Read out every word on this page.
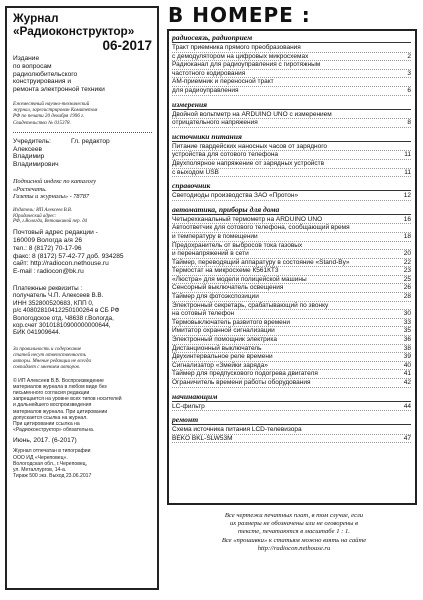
Журнал
«Радиоконструктор»
06-2017
Издание
по вопросам
радиолюбительского
конструирования и
ремонта электронной техники
Ежемесячный научно-технический
журнал, зарегистрирован Комитетом
РФ по печати 20 декабря 1996 г.
Свидетельство № 015378.
Учредитель:	Гл. редактор
Алексеев Владимир
Владимирович
Подписной индекс по каталогу
«Роспечать.
Газеты и журналы» - 78787
Издатель: ИП Алексеев В.В.
Юридический адрес:
РФ, г.Вологда, Ветошкиной пер. д4
Почтовый адрес редакции -
160009 Вологда а/я 26
тел.: 8 (8172) 70-17-96
факс: 8 (8172) 57-42-77 доб. 934285
сайт: http://radiocon.nethouse.ru
E-mail : radiocon@bk.ru
Платежные реквизиты :
получатель Ч.П. Алексеев В.В.
ИНН 352800520683, КПП 0,
р/с 40802810412250100264 в СБ РФ
Вологодское отд. Ч8638 г.Вологда,
кор.счет 30101810900000000644,
БИК 041909644.
За правильность и содержание
статей несут ответственность
авторы. Мнение редакции не всегда
совпадает с мнением авторов.
© ИП Алексеев В.В. Воспроизведение
материалов журнала в любом виде без
письменного согласия редакции
запрещается на уровне всех типов носителей
и дальнейшего воспроизведения
материалов журнала. При цитировании
допускается ссылка на журнал.
При цитировании ссылка на
«Радиоконструктор» обязательна.
Июнь, 2017. (6-2017)
Журнал отпечатан в типографии
ООО ИД «Череповец».
Вологодская обл., г.Череповец,
ул. Металлургов, 14-а.
Тираж 500 экз. Выход 23.06.2017
В НОМЕРЕ :
радиосвязь, радиоприем
Тракт приемника прямого преобразования
с демодулятором на цифровых микросхемах	2
Радиоканал для радиоуправления с гиротяжным
частотного кодирования	3
АМ-приемник и переносной тракт
для радиоуправления	6
измерения
Двойной вольтметр на ARDUINO UNO с измерением
отрицательного напряжения	8
источники питания
Питание гвардейских наносных часов от зарядного
устройства для сотового телефона	11
Двухполярное напряжение от зарядных устройств
с выходом USB	11
справочник
Светодиоды производства ЗАО «Протон»	12
автоматика, приборы для дома
Четырехканальный термометр на ARDUINO UNO	16
Автоответчик для сотового телефона, сообщающий время
и температуру в помещении	18
Предохранитель от выбросов тока газовых
и перенапряжений в сети	20
Таймер, переводящий аппаратуру в состояние «Stand-By»	22
Термостат на микросхеме К561КТ3	23
«Люстра» для модели полицейской машины	25
Сенсорный выключатель освещения	26
Таймер для фотоэкспозиции	28
Электронный секретарь, срабатывающий по звонку
на сотовый телефон	30
Термовыключатель развитого времени	33
Имитатор охранной сигнализации	35
Электронный помощник электрика	36
Дистанционный выключатель	38
Двухинтервальное реле времени	39
Сигнализатор «Змейки заряда»	40
Таймер для предпускового подогрева двигателя	41
Ограничитель времени работы оборудования	42
начинающим
LC-фильтр	44
ремонт
Схема источника питания LCD-телевизора
BEKO BKL-SLW53M	47
Все чертежи печатных плат, в том случае, если
их размеры не обозначены или не оговорены в
тексте, печатаются в масштабе 1 : 1.
Все «прошивки» к статьям можно взять на сайте
http://radiocon.nethouse.ru
